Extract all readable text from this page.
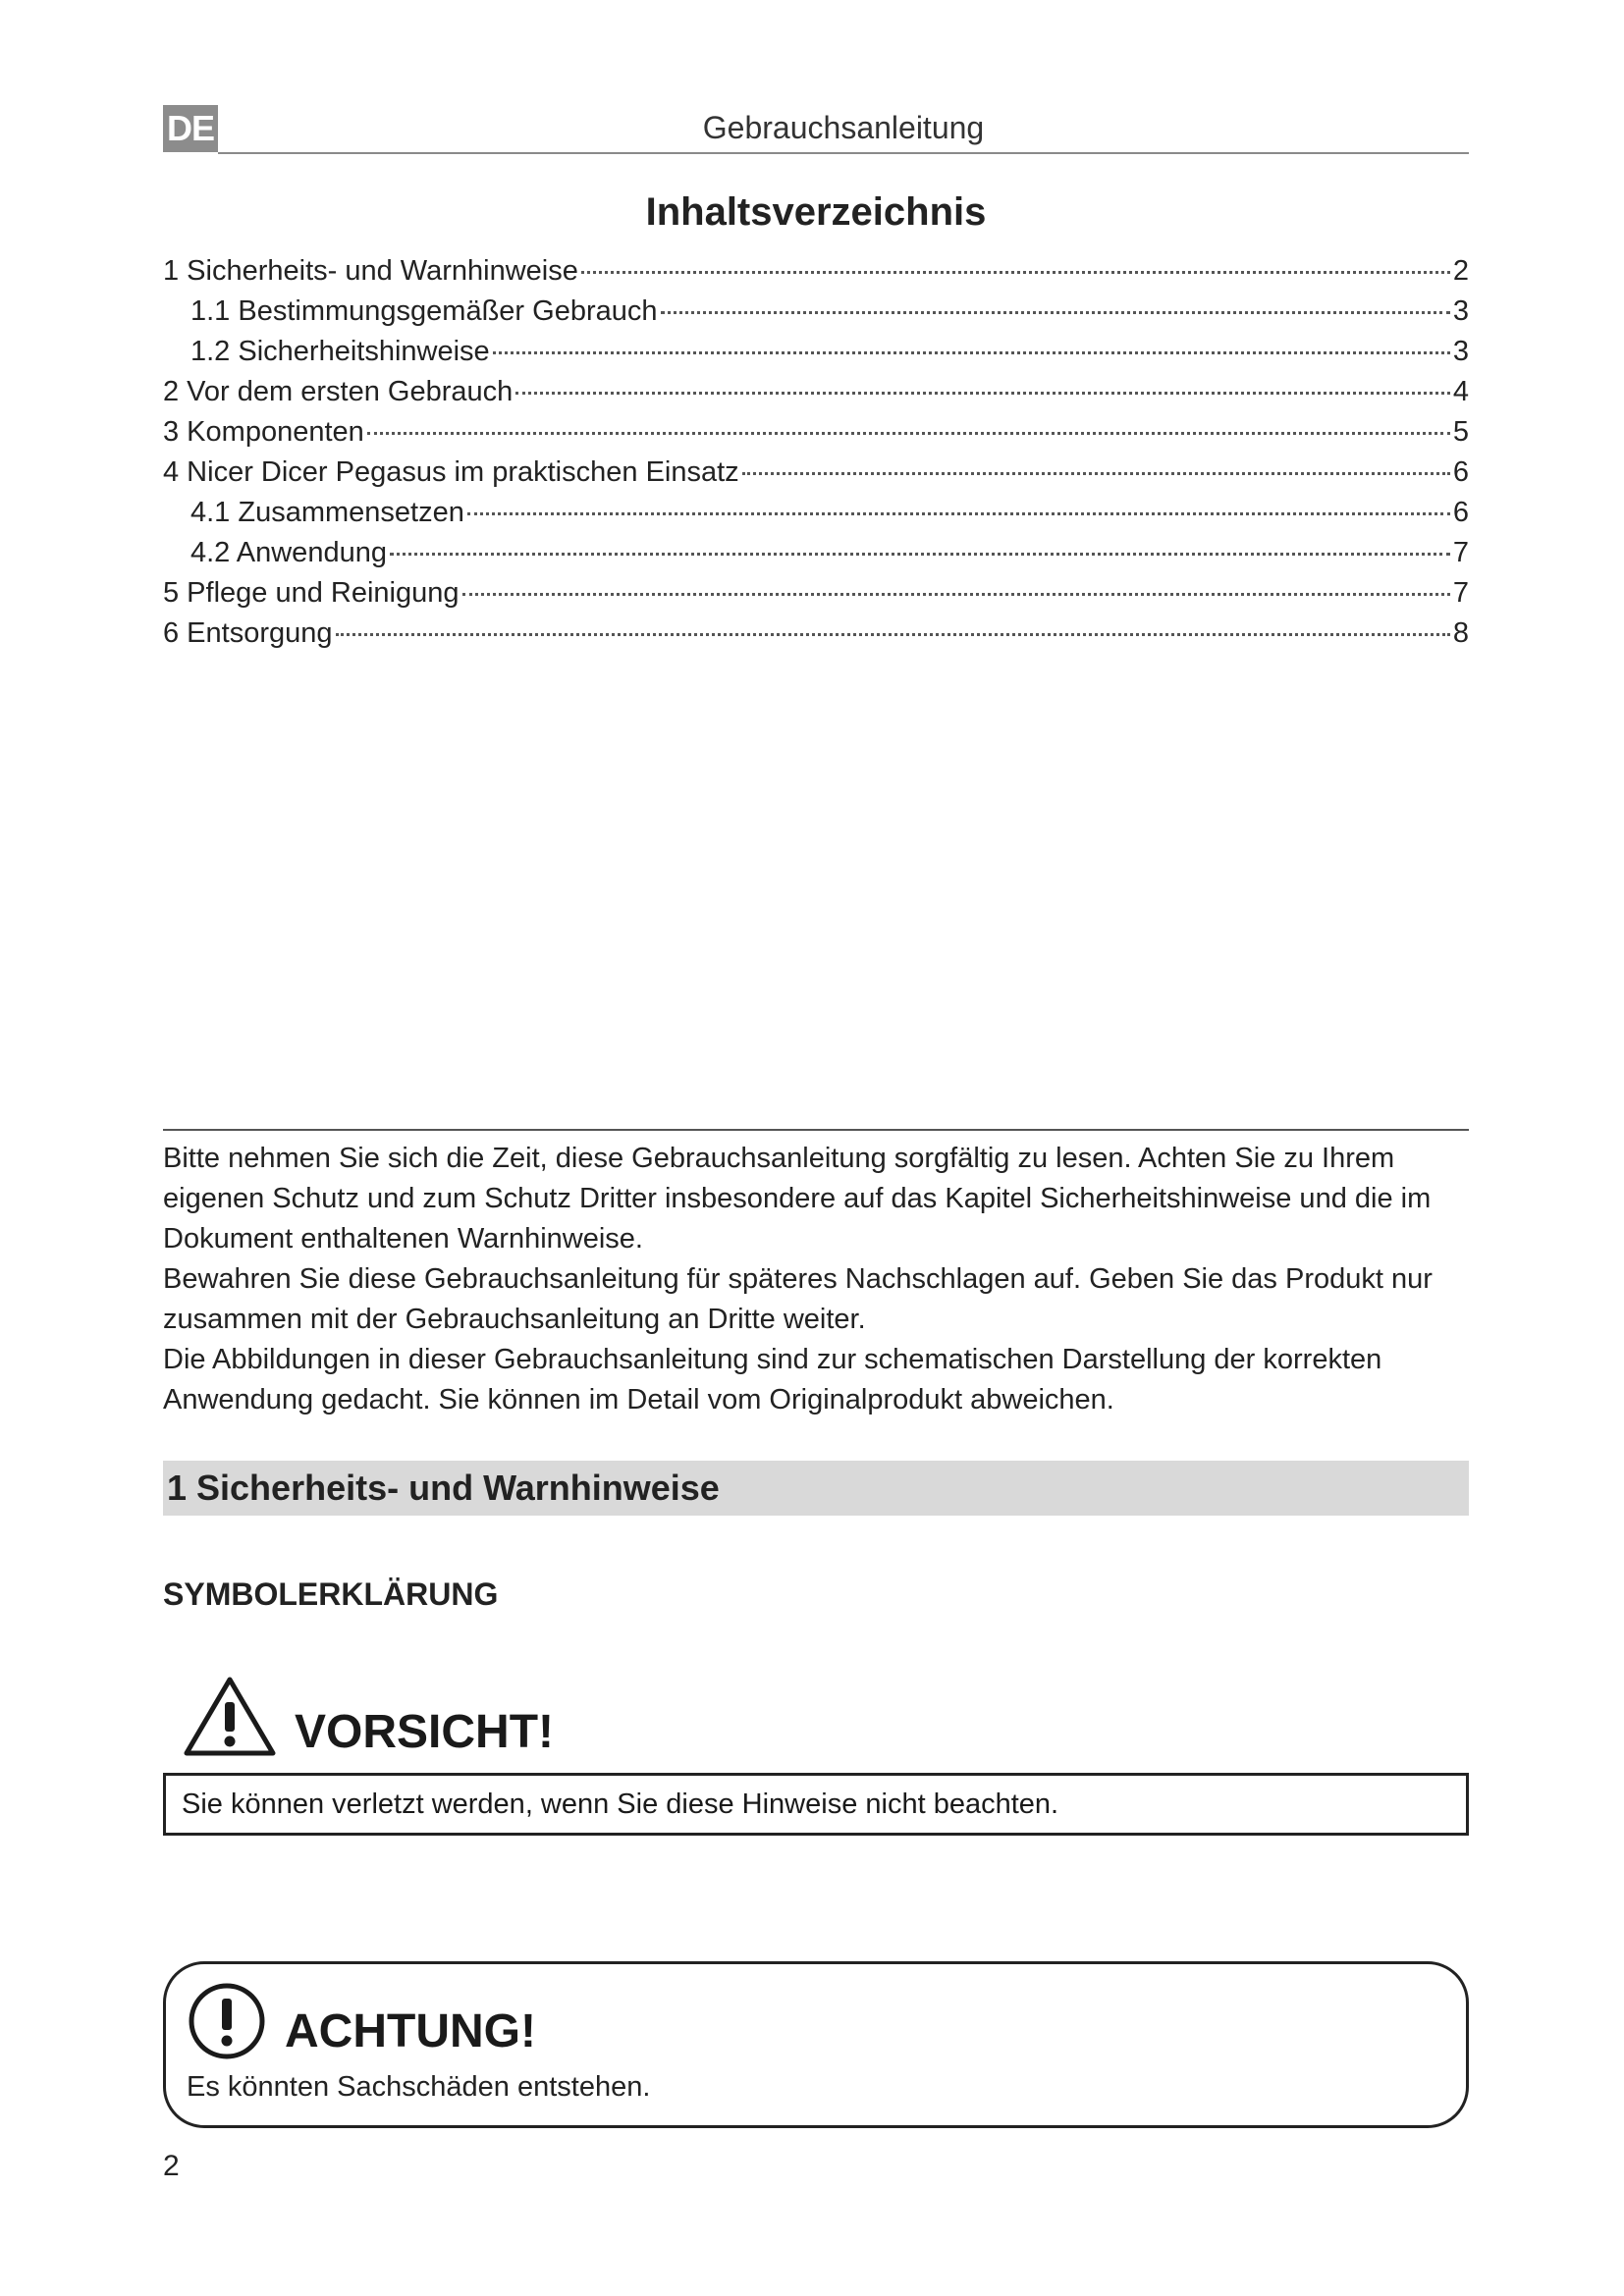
DE	Gebrauchsanleitung
Inhaltsverzeichnis
1 Sicherheits- und Warnhinweise	2
1.1 Bestimmungsgemäßer Gebrauch	3
1.2 Sicherheitshinweise	3
2 Vor dem ersten Gebrauch	4
3 Komponenten	5
4 Nicer Dicer Pegasus im praktischen Einsatz	6
4.1 Zusammensetzen	6
4.2 Anwendung	7
5 Pflege und Reinigung	7
6 Entsorgung	8

Bitte nehmen Sie sich die Zeit, diese Gebrauchsanleitung sorgfältig zu lesen. Achten Sie zu Ihrem eigenen Schutz und zum Schutz Dritter insbesondere auf das Kapitel Sicherheitshinweise und die im Dokument enthaltenen Warnhinweise.

Bewahren Sie diese Gebrauchsanleitung für späteres Nachschlagen auf. Geben Sie das Produkt nur zusammen mit der Gebrauchsanleitung an Dritte weiter.

Die Abbildungen in dieser Gebrauchsanleitung sind zur schematischen Darstellung der korrekten Anwendung gedacht. Sie können im Detail vom Originalprodukt abweichen.

1 Sicherheits- und Warnhinweise
SYMBOLERKLÄRUNG
VORSICHT!
Sie können verletzt werden, wenn Sie diese Hinweise nicht beachten.
ACHTUNG!
Es könnten Sachschäden entstehen.
2
